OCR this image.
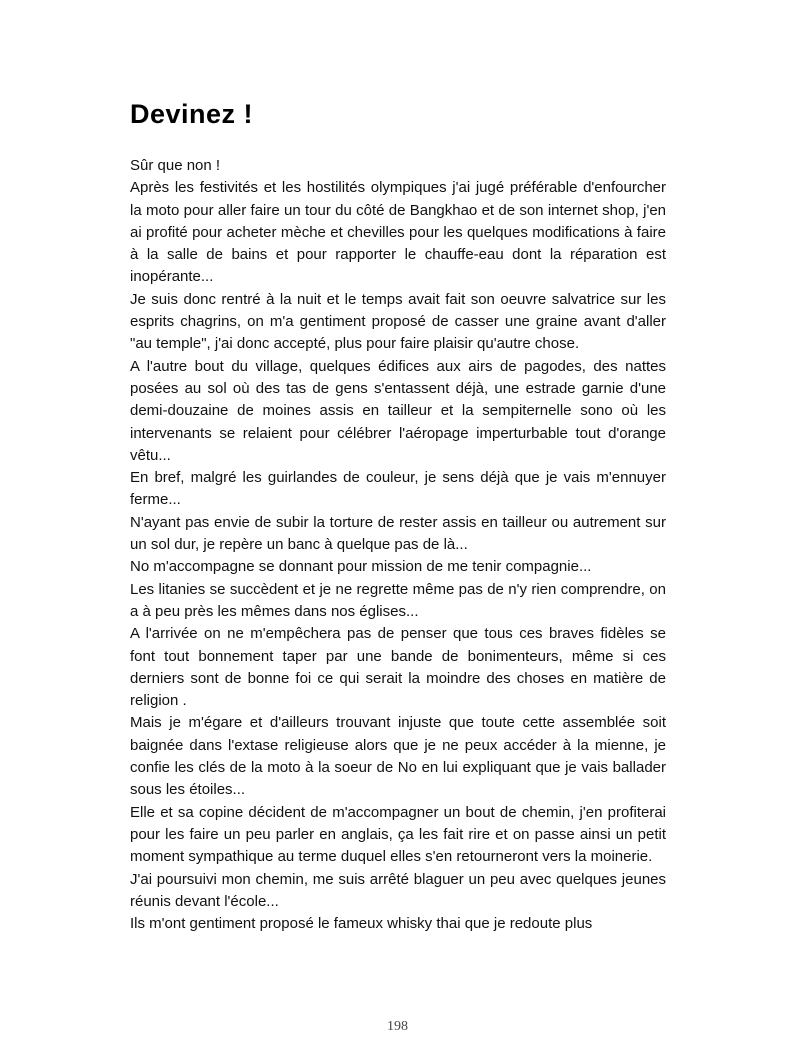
Devinez !

Sûr que non !

Après les festivités et les hostilités olympiques j'ai jugé préférable d'enfourcher la moto pour aller faire un tour du côté de Bangkhao et de son internet shop, j'en ai profité pour acheter mèche et chevilles pour les quelques modifications à faire à la salle de bains et pour rapporter le chauffe-eau dont la réparation est inopérante...

Je suis donc rentré à la nuit et le temps avait fait son oeuvre salvatrice sur les esprits chagrins, on m'a gentiment proposé de casser une graine avant d'aller "au temple", j'ai donc accepté, plus pour faire plaisir qu'autre chose.

A l'autre bout du village, quelques édifices aux airs de pagodes, des nattes posées au sol où des tas de gens s'entassent déjà, une estrade garnie d'une demi-douzaine de moines assis en tailleur et la sempiternelle sono où les intervenants se relaient pour célébrer l'aéropage imperturbable tout d'orange vêtu...

En bref, malgré les guirlandes de couleur, je sens déjà que je vais m'ennuyer ferme...

N'ayant pas envie de subir la torture de rester assis en tailleur ou autrement sur un sol dur, je repère un banc à quelque pas de là...

No m'accompagne se donnant pour mission de me tenir compagnie...

Les litanies se succèdent et je ne regrette même pas de n'y rien comprendre, on a à peu près les mêmes dans nos églises...

A l'arrivée on ne m'empêchera pas de penser que tous ces braves fidèles se font tout bonnement taper par une bande de bonimenteurs, même si ces derniers sont de bonne foi ce qui serait la moindre des choses en matière de religion .

Mais je m'égare et d'ailleurs trouvant injuste que toute cette assemblée soit baignée dans l'extase religieuse alors que je ne peux accéder à la mienne, je confie les clés de la moto à la soeur de No en lui expliquant que je vais ballader sous les étoiles...

Elle et sa copine décident de m'accompagner un bout de chemin, j'en profiterai pour les faire un peu parler en anglais, ça les fait rire et on passe ainsi un petit moment sympathique au terme duquel elles s'en retourneront vers la moinerie.

J'ai poursuivi mon chemin, me suis arrêté blaguer un peu avec quelques jeunes réunis devant l'école...

Ils m'ont gentiment proposé le fameux whisky thai que je redoute plus

198
